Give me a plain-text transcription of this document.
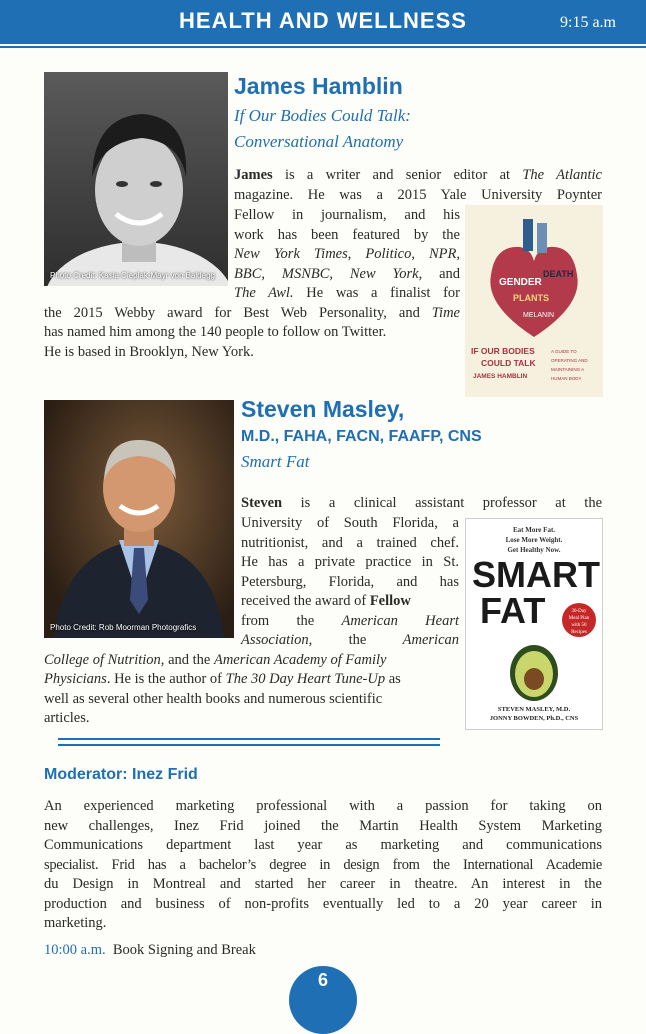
HEALTH AND WELLNESS	9:15 a.m
Photo Credit: Kasia Cieplak-Mayr von Baldegg
James Hamblin
If Our Bodies Could Talk:
Conversational Anatomy
James is a writer and senior editor at The Atlantic
magazine. He was a 2015 Yale University Poynter
Fellow in journalism, and his
work has been featured by the
New York Times, Politico, NPR,
BBC, MSNBC, New York, and
The Awl. He was a finalist for
the 2015 Webby award for Best Web Personality, and Time
has named him among the 140 people to follow on Twitter.
He is based in Brooklyn, New York.
GENDER
DEATH
PLANTS
MELANIN
IF OUR BODIES
COULD TALK
JAMES HAMBLIN
A GUIDE TO
OPERATING AND
MAINTAINING A
HUMAN BODY
Photo Credit: Rob Moorman Photografics
Steven Masley,
M.D., FAHA, FACN, FAAFP, CNS
Smart Fat
Steven is a clinical assistant professor at the
University of South Florida, a
nutritionist, and a trained chef.
He has a private practice in St.
Petersburg, Florida, and has
received the award of Fellow
from the American Heart
Association,	the	American
College of Nutrition, and the American Academy of Family
Physicians. He is the author of The 30 Day Heart Tune-Up as
well as several other health books and numerous scientific
articles.
Eat More Fat.
Lose More Weight.
Get Healthy Now.
SMART
FAT	30-Day
Meal Plan
with 50
Recipes
STEVEN MASLEY, M.D.
JONNY BOWDEN, Ph.D., CNS
Moderator: Inez Frid
An experienced marketing professional with a passion for taking on
new challenges, Inez Frid joined the Martin Health System Marketing
Communications department last year as marketing and communications
specialist. Frid has a bachelor’s degree in design from the International Academie
du Design in Montreal and started her career in theatre. An interest in the
production and business of non-profits eventually led to a 20 year career in
marketing.
10:00 a.m. Book Signing and Break
6
